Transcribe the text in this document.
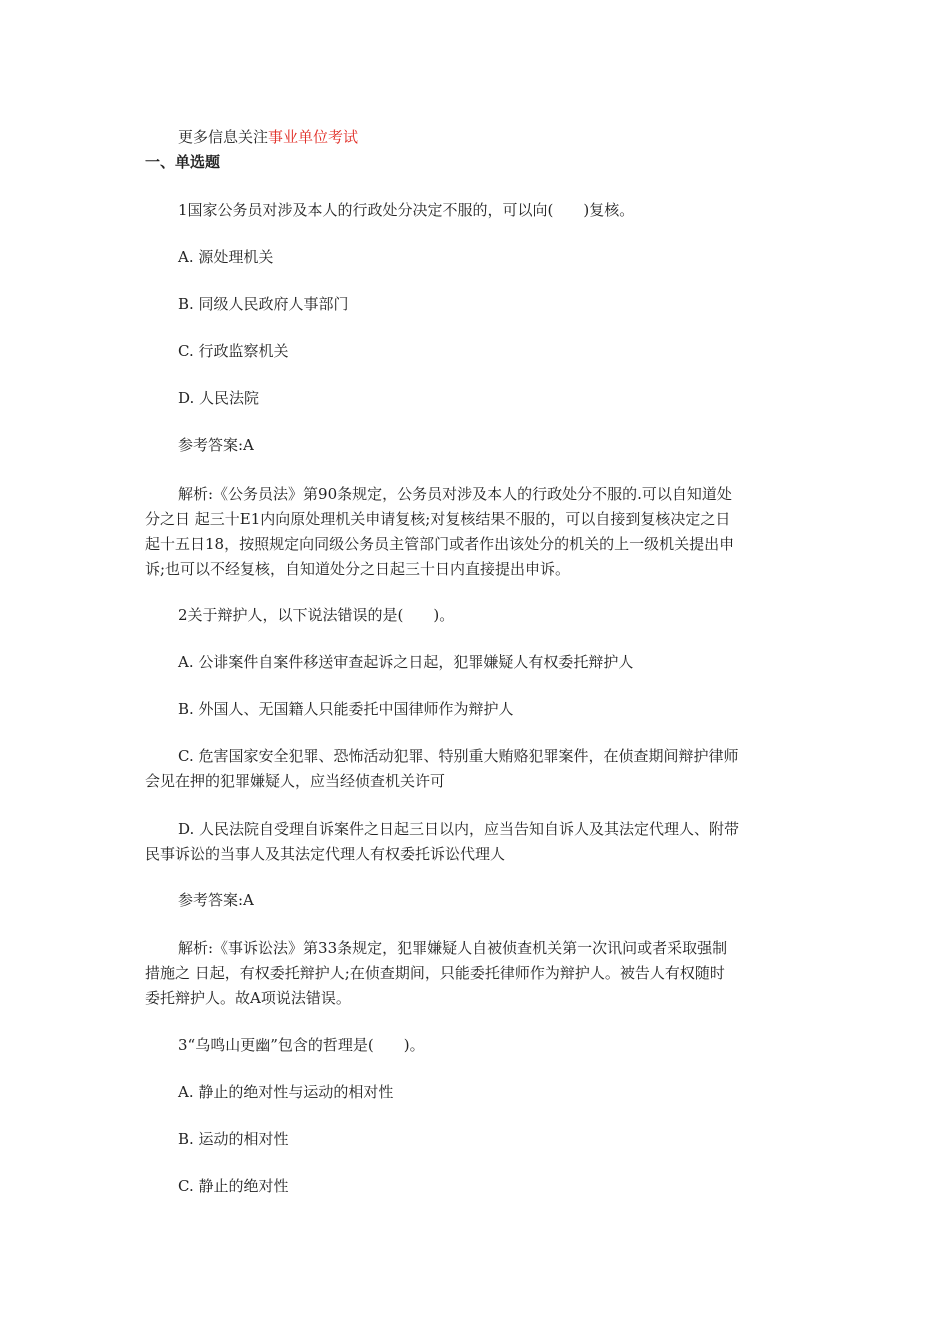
更多信息关注事业单位考试
一、单选题
1国家公务员对涉及本人的行政处分决定不服的，可以向(　　)复核。
A. 源处理机关
B. 同级人民政府人事部门
C. 行政监察机关
D. 人民法院
参考答案:A
解析:《公务员法》第90条规定，公务员对涉及本人的行政处分不服的.可以自知道处
分之日 起三十E1内向原处理机关申请复核;对复核结果不服的，可以自接到复核决定之日
起十五日18，按照规定向同级公务员主管部门或者作出该处分的机关的上一级机关提出申
诉;也可以不经复核，自知道处分之日起三十日内直接提出申诉。
2关于辩护人，以下说法错误的是(　　)。
A. 公诽案件自案件移送审查起诉之日起，犯罪嫌疑人有权委托辩护人
B. 外国人、无国籍人只能委托中国律师作为辩护人
C. 危害国家安全犯罪、恐怖活动犯罪、特别重大贿赂犯罪案件，在侦查期间辩护律师
会见在押的犯罪嫌疑人，应当经侦查机关许可
D. 人民法院自受理自诉案件之日起三日以内，应当告知自诉人及其法定代理人、附带
民事诉讼的当事人及其法定代理人有权委托诉讼代理人
参考答案:A
解析:《事诉讼法》第33条规定，犯罪嫌疑人自被侦查机关第一次讯问或者采取强制
措施之 日起，有权委托辩护人;在侦查期间，只能委托律师作为辩护人。被告人有权随时
委托辩护人。故A项说法错误。
3“乌鸣山更幽”包含的哲理是(　　)。
A. 静止的绝对性与运动的相对性
B. 运动的相对性
C. 静止的绝对性
